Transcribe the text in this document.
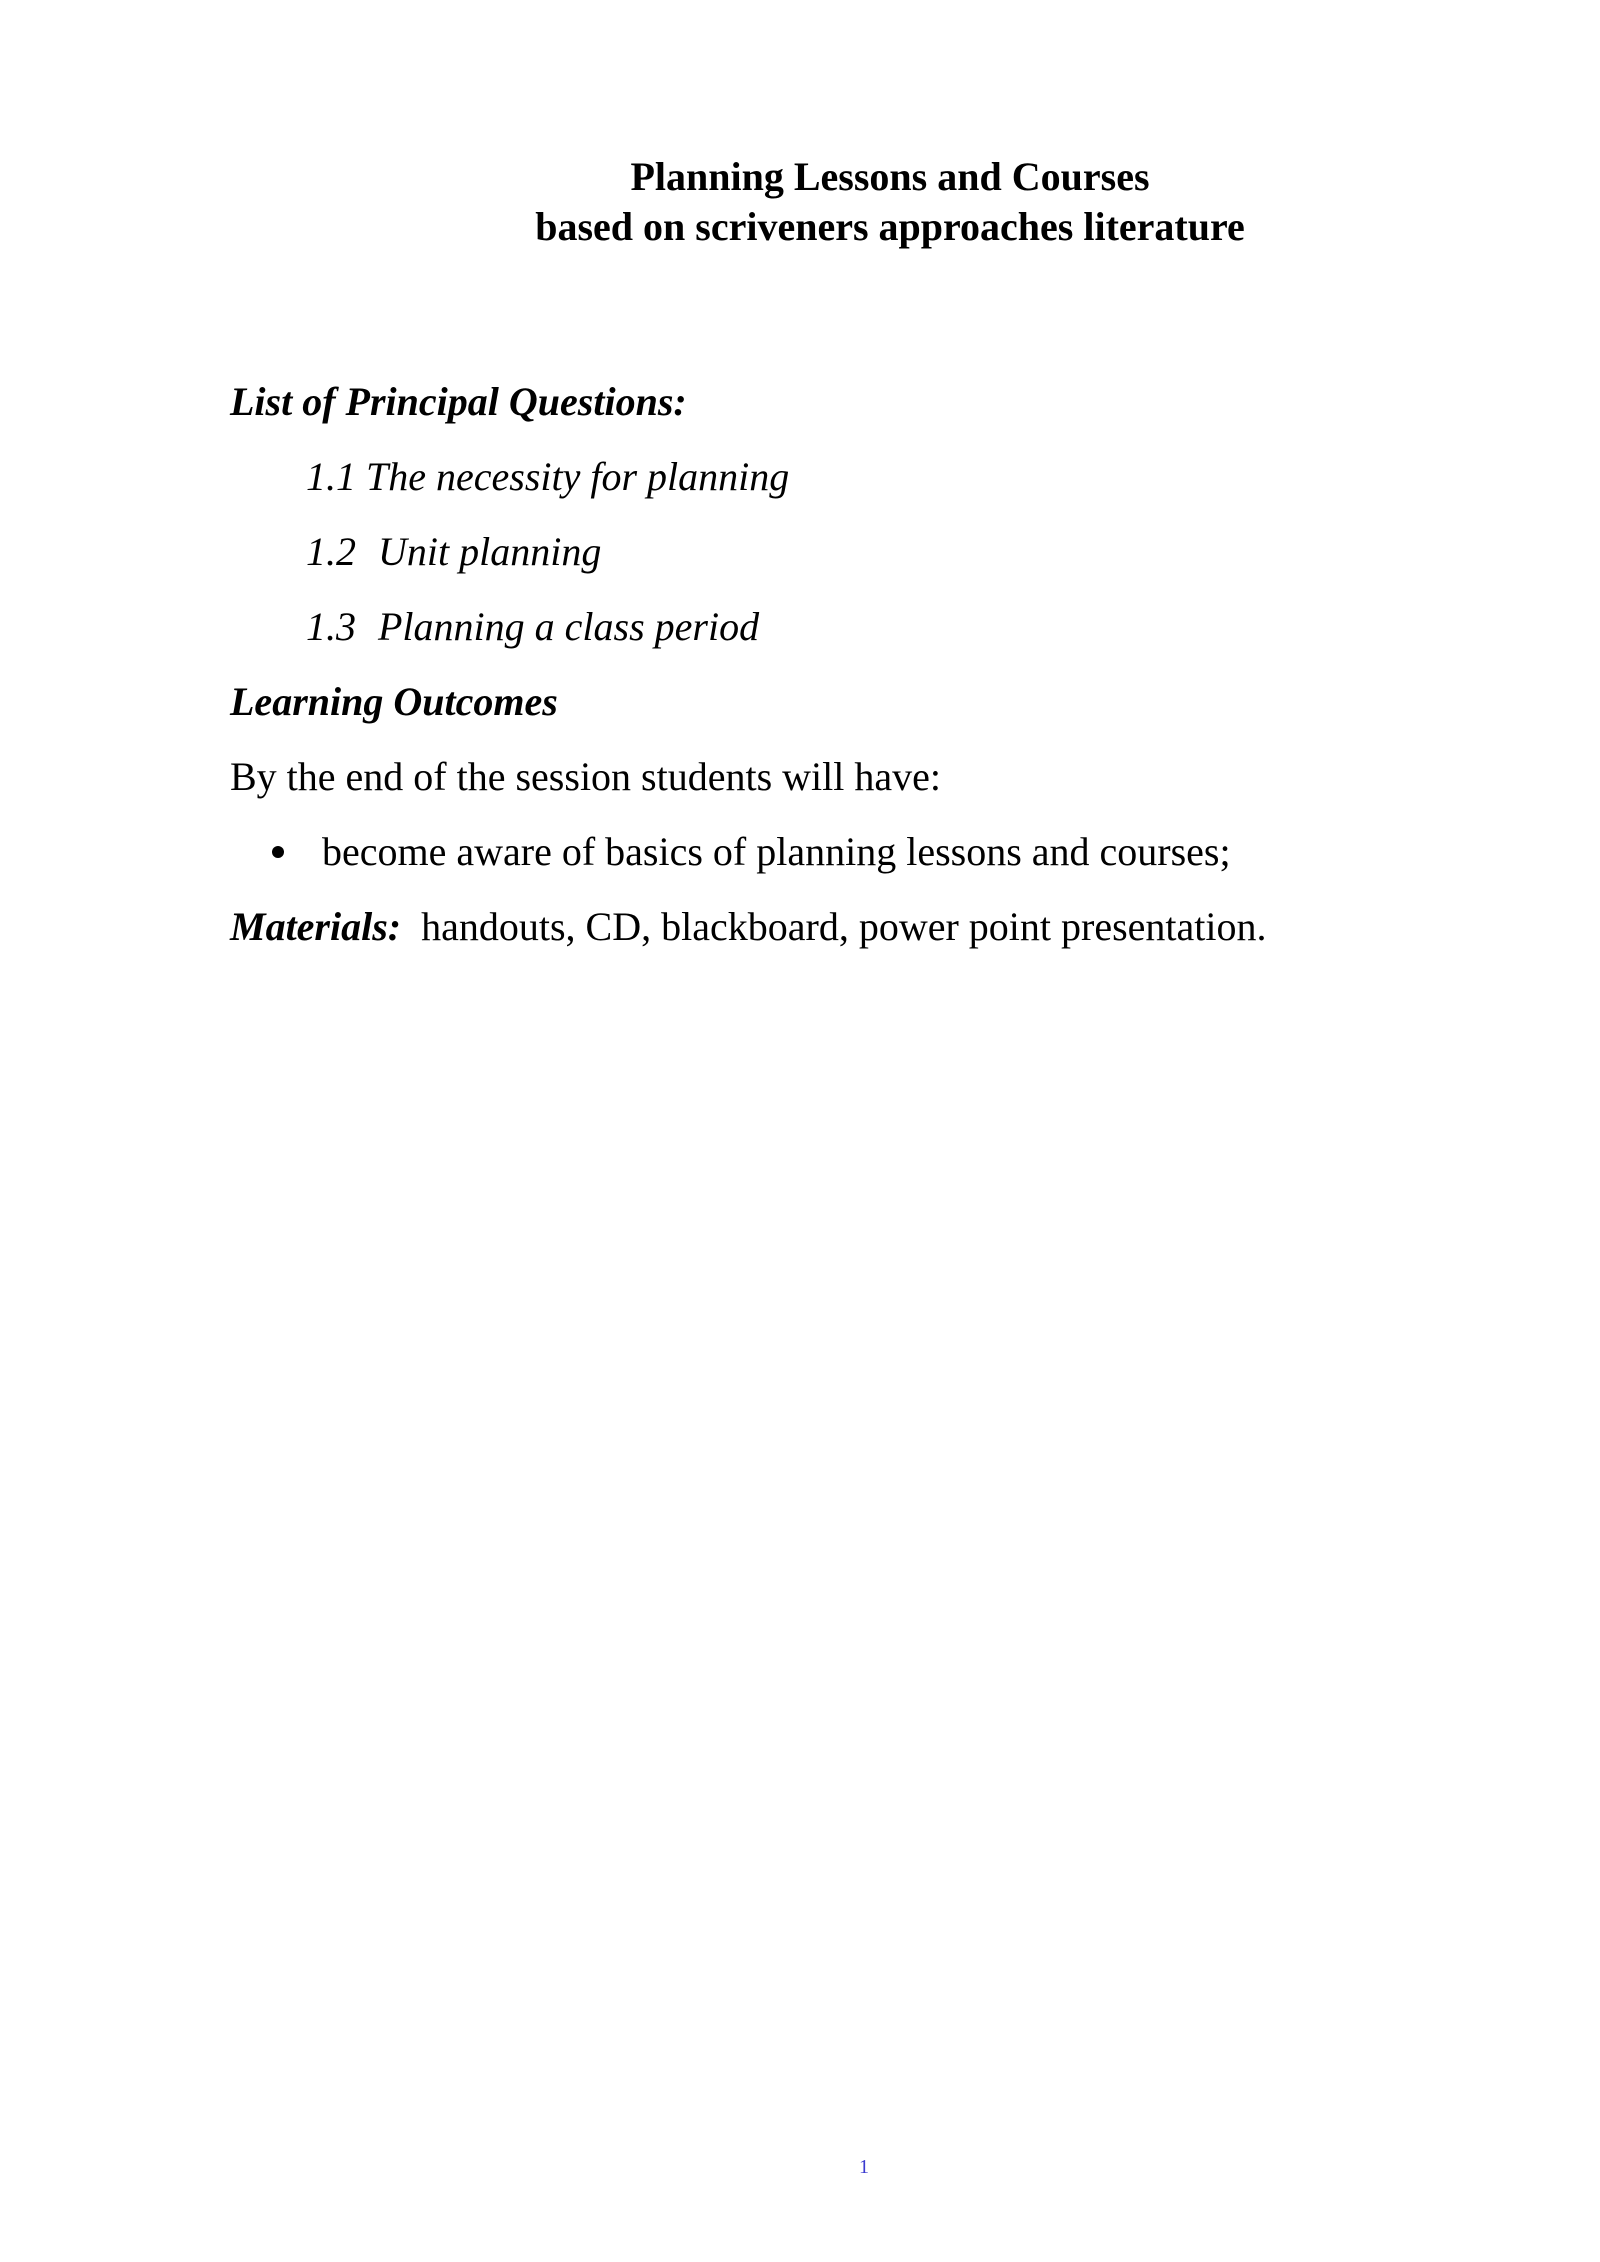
Planning Lessons and Courses
based on scriveners approaches literature
List of Principal Questions:
1.1 The necessity for planning
1.2 Unit planning
1.3 Planning a class period
Learning Outcomes
By the end of the session students will have:
become aware of basics of planning lessons and courses;
Materials: handouts, CD, blackboard, power point presentation.
1
